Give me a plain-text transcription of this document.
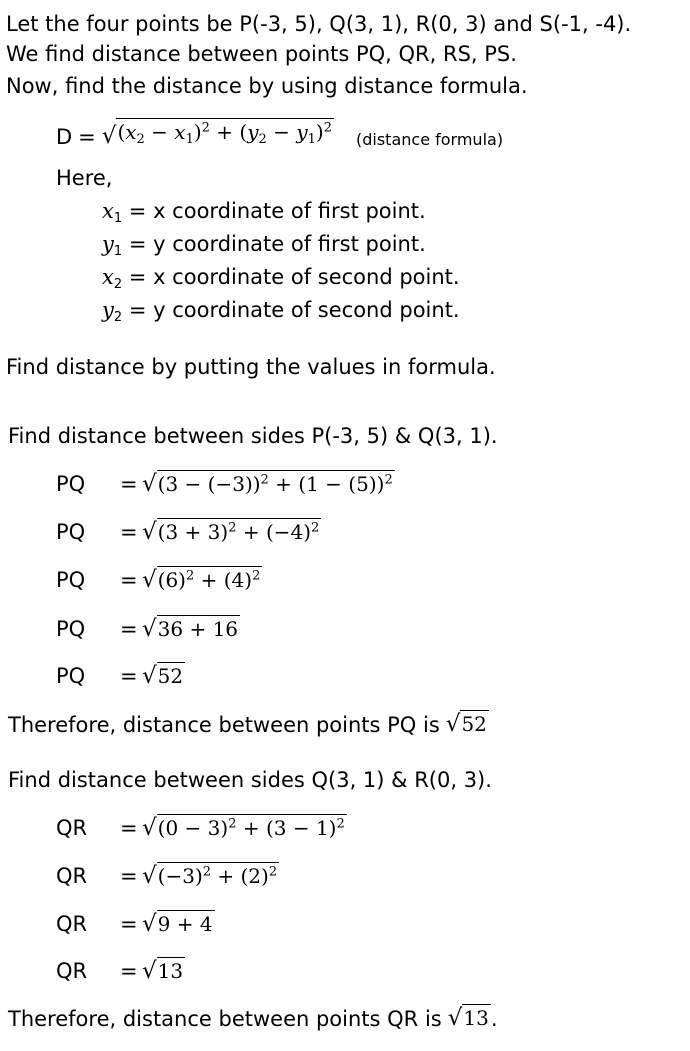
Let the four points be P(-3, 5), Q(3, 1), R(0, 3) and S(-1, -4).
We find distance between points PQ, QR, RS, PS.
Now, find the distance by using distance formula.
D = √ $(x_2 - x_1)^2 + (y_2 - y_1)^2$
(distance formula)
Here,
$x_1 = x$ coordinate of first point.
$y_1 = y$ coordinate of first point.
$x_2 = x$ coordinate of second point.
$y_2 = y$ coordinate of second point.
Find distance by putting the values in formula.
Find distance between sides P(-3, 5) & Q(3, 1).
PQ	= √ $(3 - (-3))^2 + (1 - (5))^2$
PQ	= √ $(3 + 3)^2 + (-4)^2$
PQ	= √ $(6)^2 + (4)^2$
PQ	= √ 36 + 16
PQ	= √ 52
Therefore, distance between points PQ is √ 52
Find distance between sides Q(3, 1) & R(0, 3).
QR	= √ $(0 - 3)^2 + (3 - 1)^2$
QR	= √ $(-3)^2 + (2)^2$
QR	= √ 9 + 4
QR	= √ 13
Therefore, distance between points QR is √ 13 .
